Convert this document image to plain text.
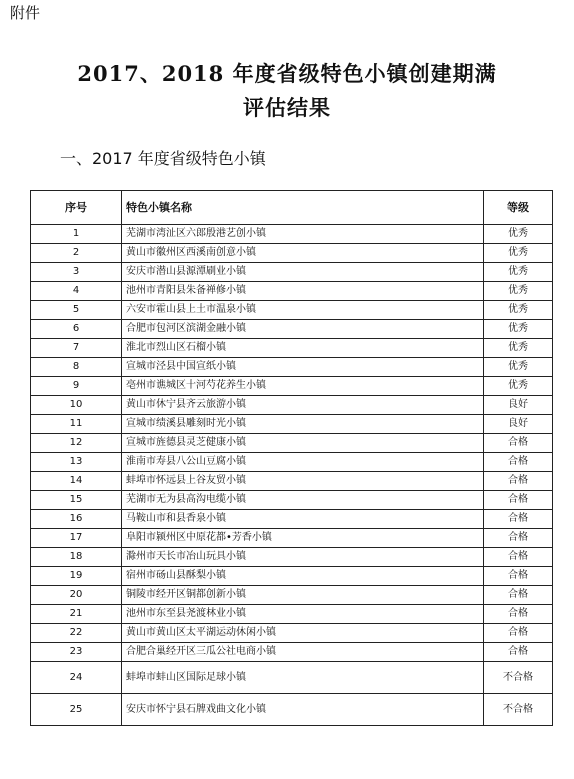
附件
2017、2018 年度省级特色小镇创建期满
评估结果
一、2017 年度省级特色小镇
序号	特色小镇名称	等级
1	芜湖市湾沚区六郎殷港艺创小镇	优秀
2	黄山市徽州区西溪南创意小镇	优秀
3	安庆市潜山县源潭刷业小镇	优秀
4	池州市青阳县朱备禅修小镇	优秀
5	六安市霍山县上土市温泉小镇	优秀
6	合肥市包河区滨湖金融小镇	优秀
7	淮北市烈山区石榴小镇	优秀
8	宣城市泾县中国宣纸小镇	优秀
9	亳州市谯城区十河芍花养生小镇	优秀
10	黄山市休宁县齐云旅游小镇	良好
11	宣城市绩溪县雕刻时光小镇	良好
12	宣城市旌德县灵芝健康小镇	合格
13	淮南市寿县八公山豆腐小镇	合格
14	蚌埠市怀远县上谷友贸小镇	合格
15	芜湖市无为县高沟电缆小镇	合格
16	马鞍山市和县香泉小镇	合格
17	阜阳市颍州区中原花都•芳香小镇	合格
18	滁州市天长市冶山玩具小镇	合格
19	宿州市砀山县酥梨小镇	合格
20	铜陵市经开区铜都创新小镇	合格
21	池州市东至县尧渡林业小镇	合格
22	黄山市黄山区太平湖运动休闲小镇	合格
23	合肥合巢经开区三瓜公社电商小镇	合格
24	蚌埠市蚌山区国际足球小镇	不合格
25	安庆市怀宁县石牌戏曲文化小镇	不合格
